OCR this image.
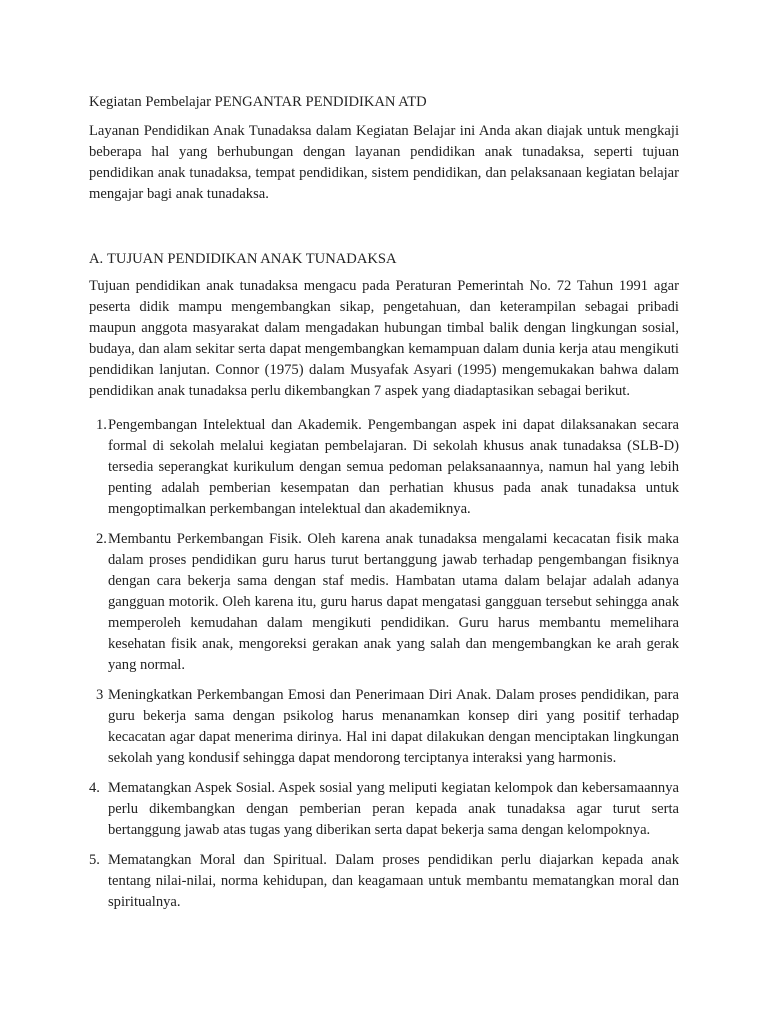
Kegiatan Pembelajar PENGANTAR PENDIDIKAN ATD

Layanan Pendidikan Anak Tunadaksa dalam Kegiatan Belajar ini Anda akan diajak untuk mengkaji beberapa hal yang berhubungan dengan layanan pendidikan anak tunadaksa, seperti tujuan pendidikan anak tunadaksa, tempat pendidikan, sistem pendidikan, dan pelaksanaan kegiatan belajar mengajar bagi anak tunadaksa.

A. TUJUAN PENDIDIKAN ANAK TUNADAKSA

Tujuan pendidikan anak tunadaksa mengacu pada Peraturan Pemerintah No. 72 Tahun 1991 agar peserta didik mampu mengembangkan sikap, pengetahuan, dan keterampilan sebagai pribadi maupun anggota masyarakat dalam mengadakan hubungan timbal balik dengan lingkungan sosial, budaya, dan alam sekitar serta dapat mengembangkan kemampuan dalam dunia kerja atau mengikuti pendidikan lanjutan. Connor (1975) dalam Musyafak Asyari (1995) mengemukakan bahwa dalam pendidikan anak tunadaksa perlu dikembangkan 7 aspek yang diadaptasikan sebagai berikut.

1. Pengembangan Intelektual dan Akademik. Pengembangan aspek ini dapat dilaksanakan secara formal di sekolah melalui kegiatan pembelajaran. Di sekolah khusus anak tunadaksa (SLB-D) tersedia seperangkat kurikulum dengan semua pedoman pelaksanaannya, namun hal yang lebih penting adalah pemberian kesempatan dan perhatian khusus pada anak tunadaksa untuk mengoptimalkan perkembangan intelektual dan akademiknya.
2. Membantu Perkembangan Fisik. Oleh karena anak tunadaksa mengalami kecacatan fisik maka dalam proses pendidikan guru harus turut bertanggung jawab terhadap pengembangan fisiknya dengan cara bekerja sama dengan staf medis. Hambatan utama dalam belajar adalah adanya gangguan motorik. Oleh karena itu, guru harus dapat mengatasi gangguan tersebut sehingga anak memperoleh kemudahan dalam mengikuti pendidikan. Guru harus membantu memelihara kesehatan fisik anak, mengoreksi gerakan anak yang salah dan mengembangkan ke arah gerak yang normal.
3 Meningkatkan Perkembangan Emosi dan Penerimaan Diri Anak. Dalam proses pendidikan, para guru bekerja sama dengan psikolog harus menanamkan konsep diri yang positif terhadap kecacatan agar dapat menerima dirinya. Hal ini dapat dilakukan dengan menciptakan lingkungan sekolah yang kondusif sehingga dapat mendorong terciptanya interaksi yang harmonis.
4. Mematangkan Aspek Sosial. Aspek sosial yang meliputi kegiatan kelompok dan kebersamaannya perlu dikembangkan dengan pemberian peran kepada anak tunadaksa agar turut serta bertanggung jawab atas tugas yang diberikan serta dapat bekerja sama dengan kelompoknya.
5. Mematangkan Moral dan Spiritual. Dalam proses pendidikan perlu diajarkan kepada anak tentang nilai-nilai, norma kehidupan, dan keagamaan untuk membantu mematangkan moral dan spiritualnya.
